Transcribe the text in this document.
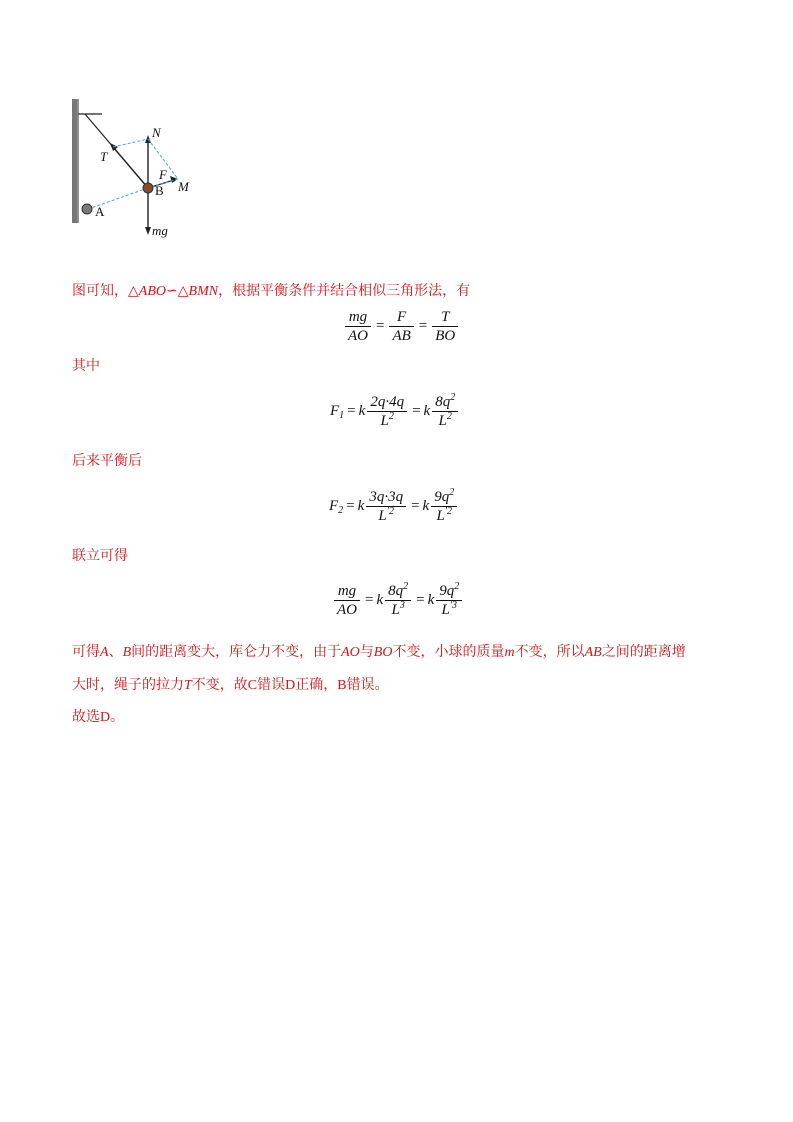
T
N
F
M
B
A
mg
图可知，△ABO∽△BMN，根据平衡条件并结合相似三角形法，有
$\frac{mg}{AO} = \frac{F}{AB} = \frac{T}{BO}$
其中
$F_1 = k \frac{2q\cdot 4q}{L^2} = k \frac{8q^2}{L^2}$
后来平衡后
$F_2 = k \frac{3q\cdot 3q}{L^{'2}} = k \frac{9q^2}{L^{'2}}$
联立可得
$\frac{mg}{AO} = k \frac{8q^2}{L^3} = k \frac{9q^2}{L^{'3}}$
可得A、B间的距离变大，库仑力不变，由于AO与BO不变，小球的质量m不变，所以AB之间的距离增
大时，绳子的拉力T不变，故C错误D正确，B错误。
故选D。
